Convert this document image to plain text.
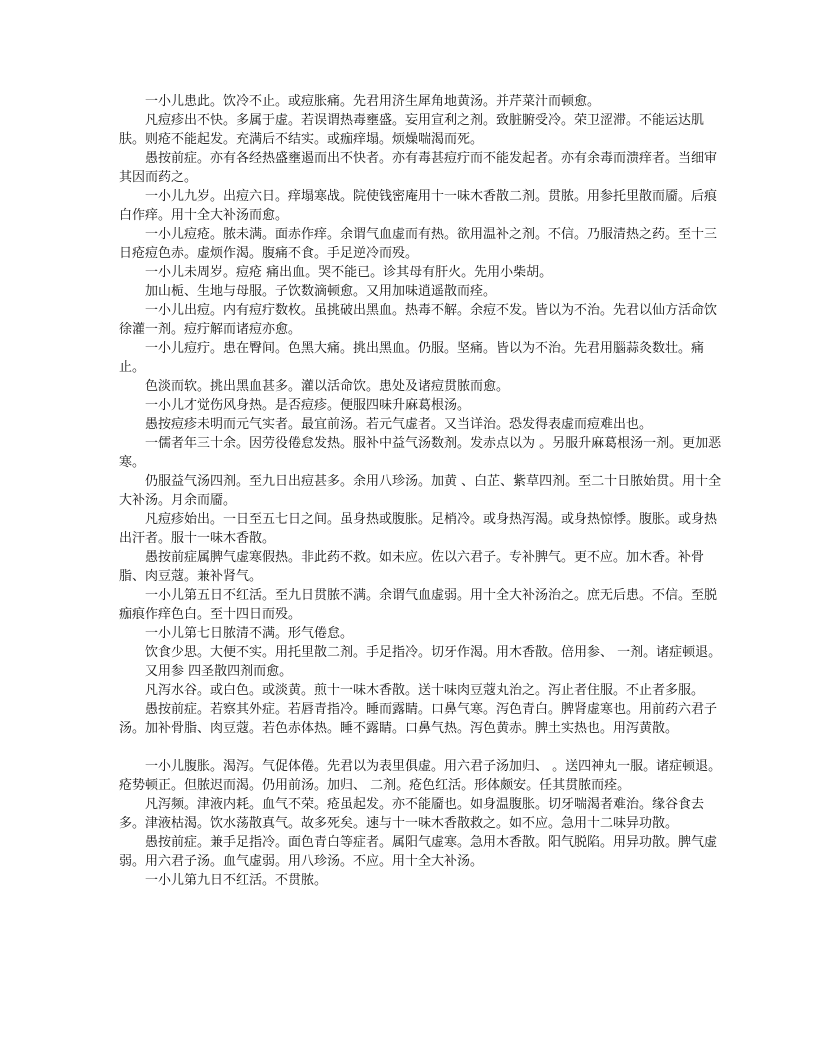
一小儿患此。饮冷不止。或痘胀痛。先君用济生犀角地黄汤。并芹菜汁而顿愈。

凡痘疹出不快。多属于虚。若误谓热毒壅盛。妄用宣利之剂。致脏腑受冷。荣卫涩滞。不能运达肌肤。则疮不能起发。充满后不结实。或痂痒塌。烦燥喘渴而死。

愚按前症。亦有各经热盛壅遏而出不快者。亦有毒甚痘疔而不能发起者。亦有余毒而溃痒者。当细审其因而药之。

一小儿九岁。出痘六日。痒塌寒战。院使钱密庵用十一味木香散二剂。贯脓。用参托里散而靥。后痕白作痒。用十全大补汤而愈。

一小儿痘疮。脓未满。面赤作痒。余谓气血虚而有热。欲用温补之剂。不信。乃服清热之药。至十三日疮痘色赤。虚烦作渴。腹痛不食。手足逆冷而殁。

一小儿未周岁。痘疮 痛出血。哭不能已。诊其母有肝火。先用小柴胡。

加山栀、生地与母服。子饮数滴顿愈。又用加味逍遥散而痊。

一小儿出痘。内有痘疔数枚。虽挑破出黑血。热毒不解。余痘不发。皆以为不治。先君以仙方活命饮徐灌一剂。痘疔解而诸痘亦愈。

一小儿痘疔。患在臀间。色黑大痛。挑出黑血。仍服。坚痛。皆以为不治。先君用腦蒜灸数壮。痛止。

色淡而软。挑出黑血甚多。灌以活命饮。患处及诸痘贯脓而愈。

一小儿才觉伤风身热。是否痘疹。便服四味升麻葛根汤。

愚按痘疹未明而元气实者。最宜前汤。若元气虚者。又当详治。恐发得表虚而痘难出也。

一儒者年三十余。因劳役倦怠发热。服补中益气汤数剂。发赤点以为 。另服升麻葛根汤一剂。更加恶寒。

仍服益气汤四剂。至九日出痘甚多。余用八珍汤。加黄 、白芷、紫草四剂。至二十日脓始贯。用十全大补汤。月余而靥。

凡痘疹始出。一日至五七日之间。虽身热或腹胀。足梢冷。或身热泻渴。或身热惊悸。腹胀。或身热出汗者。服十一味木香散。

愚按前症属脾气虚寒假热。非此药不救。如未应。佐以六君子。专补脾气。更不应。加木香。补骨脂、肉豆蔻。兼补肾气。

一小儿第五日不红活。至九日贯脓不满。余谓气血虚弱。用十全大补汤治之。庶无后患。不信。至脱痂痕作痒色白。至十四日而殁。

一小儿第七日脓清不满。形气倦怠。

饮食少思。大便不实。用托里散二剂。手足指冷。切牙作渴。用木香散。倍用参、 一剂。诸症顿退。

又用参 四圣散四剂而愈。

凡泻水谷。或白色。或淡黄。煎十一味木香散。送十味肉豆蔻丸治之。泻止者住服。不止者多服。

愚按前症。若察其外症。若唇青指冷。睡而露睛。口鼻气寒。泻色青白。脾肾虚寒也。用前药六君子汤。加补骨脂、肉豆蔻。若色赤体热。睡不露睛。口鼻气热。泻色黄赤。脾土实热也。用泻黄散。

一小儿腹胀。渴泻。气促体倦。先君以为表里俱虚。用六君子汤加归、 。送四神丸一服。诸症顿退。疮势顿正。但脓迟而渴。仍用前汤。加归、 二剂。疮色红活。形体颇安。任其贯脓而痊。

凡泻频。津液内耗。血气不荣。疮虽起发。亦不能靥也。如身温腹胀。切牙喘渴者难治。缘谷食去多。津液枯渴。饮水荡散真气。故多死矣。速与十一味木香散救之。如不应。急用十二味异功散。

愚按前症。兼手足指冷。面色青白等症者。属阳气虚寒。急用木香散。阳气脱陷。用异功散。脾气虚弱。用六君子汤。血气虚弱。用八珍汤。不应。用十全大补汤。

一小儿第九日不红活。不贯脓。
